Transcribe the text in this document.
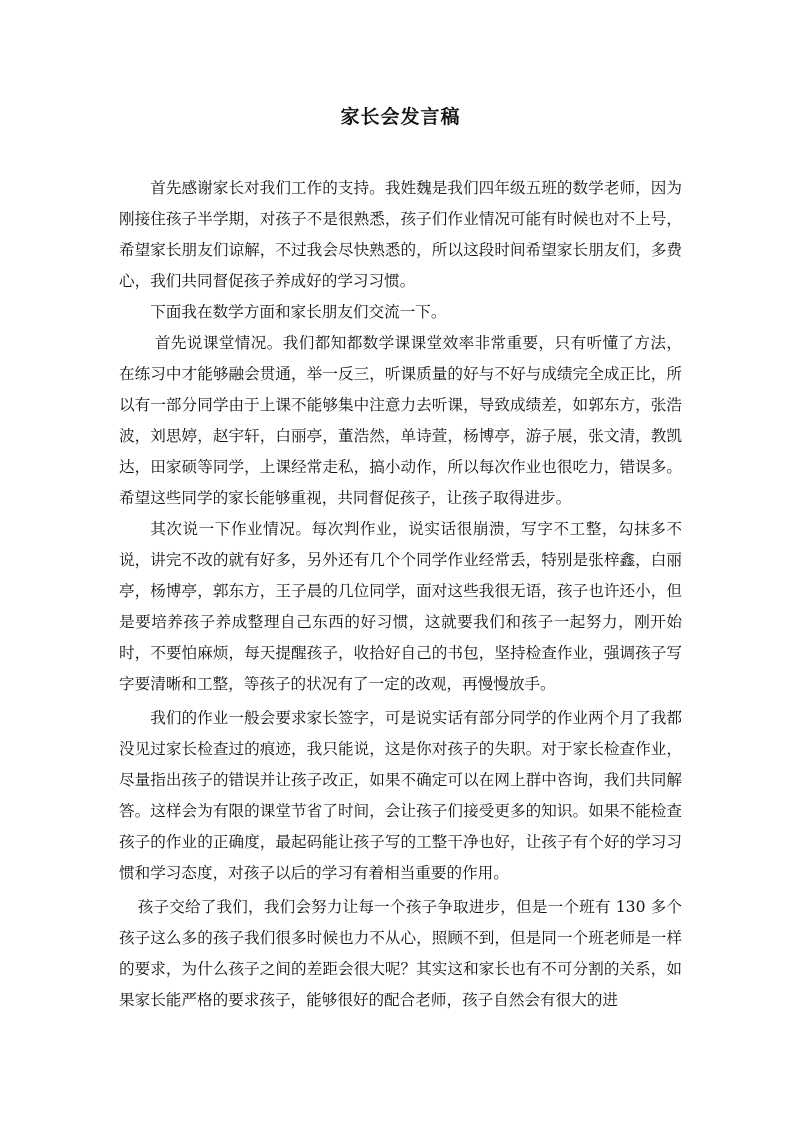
家长会发言稿

首先感谢家长对我们工作的支持。我姓魏是我们四年级五班的数学老师，因为刚接住孩子半学期，对孩子不是很熟悉，孩子们作业情况可能有时候也对不上号，希望家长朋友们谅解，不过我会尽快熟悉的，所以这段时间希望家长朋友们，多费心，我们共同督促孩子养成好的学习习惯。

下面我在数学方面和家长朋友们交流一下。

首先说课堂情况。我们都知都数学课课堂效率非常重要，只有听懂了方法，在练习中才能够融会贯通，举一反三，听课质量的好与不好与成绩完全成正比，所以有一部分同学由于上课不能够集中注意力去听课，导致成绩差，如郭东方，张浩波，刘思婷，赵宇轩，白丽亭，董浩然，单诗萱，杨博亭，游子展，张文清，教凯达，田家硕等同学，上课经常走私，搞小动作，所以每次作业也很吃力，错误多。希望这些同学的家长能够重视，共同督促孩子，让孩子取得进步。

其次说一下作业情况。每次判作业，说实话很崩溃，写字不工整，勾抹多不说，讲完不改的就有好多，另外还有几个个同学作业经常丢，特别是张梓鑫，白丽亭，杨博亭，郭东方，王子晨的几位同学，面对这些我很无语，孩子也许还小，但是要培养孩子养成整理自己东西的好习惯，这就要我们和孩子一起努力，刚开始时，不要怕麻烦，每天提醒孩子，收拾好自己的书包，坚持检查作业，强调孩子写字要清晰和工整，等孩子的状况有了一定的改观，再慢慢放手。

我们的作业一般会要求家长签字，可是说实话有部分同学的作业两个月了我都没见过家长检查过的痕迹，我只能说，这是你对孩子的失职。对于家长检查作业，尽量指出孩子的错误并让孩子改正，如果不确定可以在网上群中咨询，我们共同解答。这样会为有限的课堂节省了时间，会让孩子们接受更多的知识。如果不能检查孩子的作业的正确度，最起码能让孩子写的工整干净也好，让孩子有个好的学习习惯和学习态度，对孩子以后的学习有着相当重要的作用。

孩子交给了我们，我们会努力让每一个孩子争取进步，但是一个班有 130 多个孩子这么多的孩子我们很多时候也力不从心，照顾不到，但是同一个班老师是一样的要求，为什么孩子之间的差距会很大呢？其实这和家长也有不可分割的关系，如果家长能严格的要求孩子，能够很好的配合老师，孩子自然会有很大的进
